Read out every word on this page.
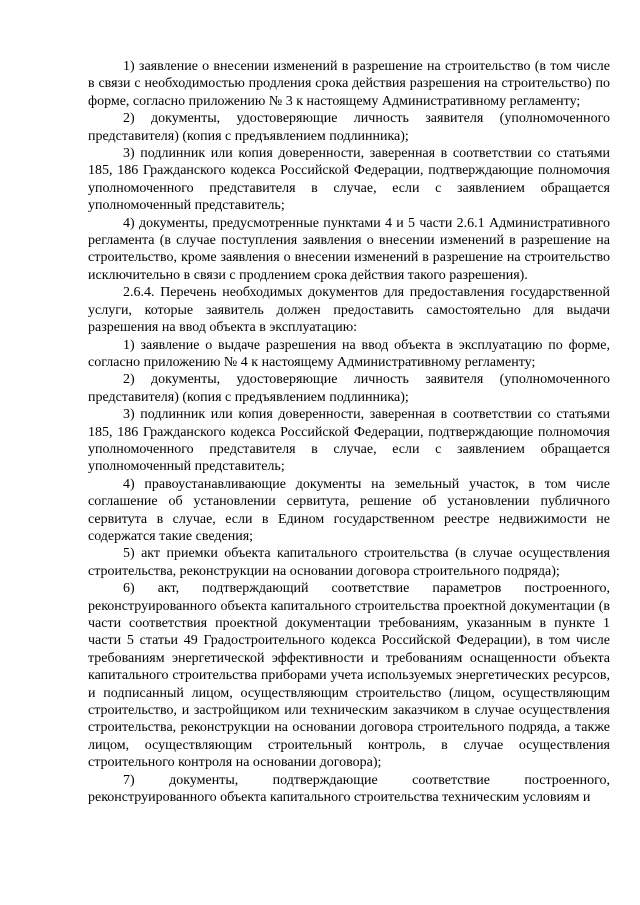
1) заявление о внесении изменений в разрешение на строительство (в том числе в связи с необходимостью продления срока действия разрешения на строительство) по форме, согласно приложению № 3 к настоящему Административному регламенту;

2) документы, удостоверяющие личность заявителя (уполномоченного представителя) (копия с предъявлением подлинника);

3) подлинник или копия доверенности, заверенная в соответствии со статьями 185, 186 Гражданского кодекса Российской Федерации, подтверждающие полномочия уполномоченного представителя в случае, если с заявлением обращается уполномоченный представитель;

4) документы, предусмотренные пунктами 4 и 5 части 2.6.1 Административного регламента (в случае поступления заявления о внесении изменений в разрешение на строительство, кроме заявления о внесении изменений в разрешение на строительство исключительно в связи с продлением срока действия такого разрешения).

2.6.4. Перечень необходимых документов для предоставления государственной услуги, которые заявитель должен предоставить самостоятельно для выдачи разрешения на ввод объекта в эксплуатацию:

1) заявление о выдаче разрешения на ввод объекта в эксплуатацию по форме, согласно приложению № 4 к настоящему Административному регламенту;

2) документы, удостоверяющие личность заявителя (уполномоченного представителя) (копия с предъявлением подлинника);

3) подлинник или копия доверенности, заверенная в соответствии со статьями 185, 186 Гражданского кодекса Российской Федерации, подтверждающие полномочия уполномоченного представителя в случае, если с заявлением обращается уполномоченный представитель;

4) правоустанавливающие документы на земельный участок, в том числе соглашение об установлении сервитута, решение об установлении публичного сервитута в случае, если в Едином государственном реестре недвижимости не содержатся такие сведения;

5) акт приемки объекта капитального строительства (в случае осуществления строительства, реконструкции на основании договора строительного подряда);

6) акт, подтверждающий соответствие параметров построенного, реконструированного объекта капитального строительства проектной документации (в части соответствия проектной документации требованиям, указанным в пункте 1 части 5 статьи 49 Градостроительного кодекса Российской Федерации), в том числе требованиям энергетической эффективности и требованиям оснащенности объекта капитального строительства приборами учета используемых энергетических ресурсов, и подписанный лицом, осуществляющим строительство (лицом, осуществляющим строительство, и застройщиком или техническим заказчиком в случае осуществления строительства, реконструкции на основании договора строительного подряда, а также лицом, осуществляющим строительный контроль, в случае осуществления строительного контроля на основании договора);

7) документы, подтверждающие соответствие построенного, реконструированного объекта капитального строительства техническим условиям и
